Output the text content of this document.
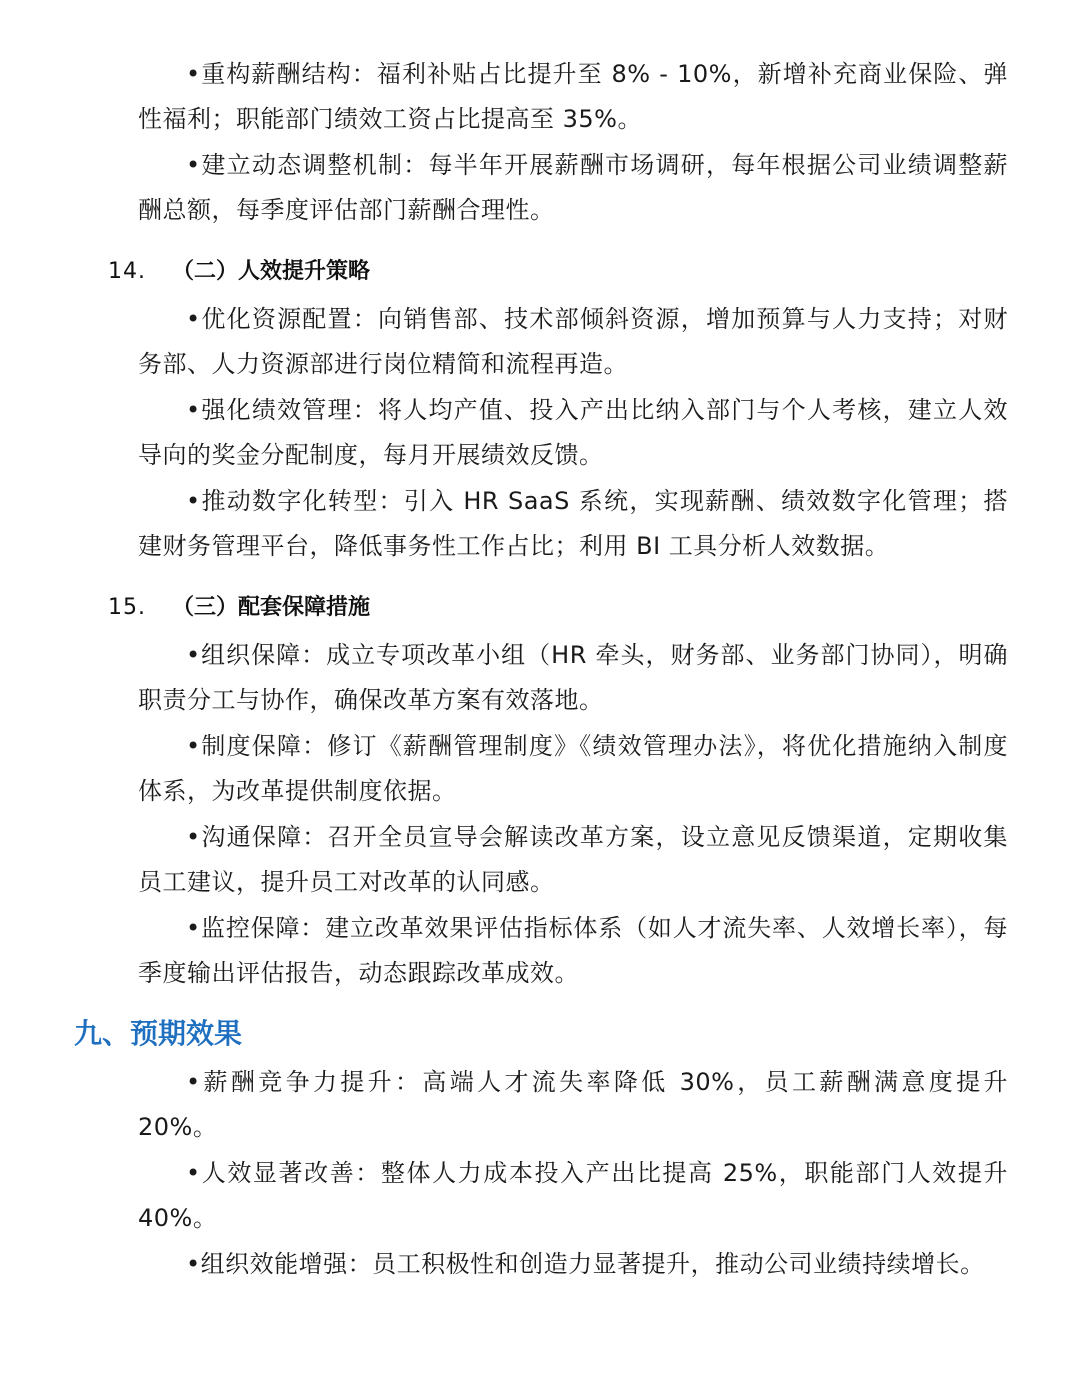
•重构薪酬结构：福利补贴占比提升至 8% - 10%，新增补充商业保险、弹性福利；职能部门绩效工资占比提高至 35%。

•建立动态调整机制：每半年开展薪酬市场调研，每年根据公司业绩调整薪酬总额，每季度评估部门薪酬合理性。

14. （二）人效提升策略

•优化资源配置：向销售部、技术部倾斜资源，增加预算与人力支持；对财务部、人力资源部进行岗位精简和流程再造。

•强化绩效管理：将人均产值、投入产出比纳入部门与个人考核，建立人效导向的奖金分配制度，每月开展绩效反馈。

•推动数字化转型：引入 HR SaaS 系统，实现薪酬、绩效数字化管理；搭建财务管理平台，降低事务性工作占比；利用 BI 工具分析人效数据。

15. （三）配套保障措施

•组织保障：成立专项改革小组（HR 牵头，财务部、业务部门协同），明确职责分工与协作，确保改革方案有效落地。

•制度保障：修订《薪酬管理制度》《绩效管理办法》，将优化措施纳入制度体系，为改革提供制度依据。

•沟通保障：召开全员宣导会解读改革方案，设立意见反馈渠道，定期收集员工建议，提升员工对改革的认同感。

•监控保障：建立改革效果评估指标体系（如人才流失率、人效增长率），每季度输出评估报告，动态跟踪改革成效。

九、预期效果

•薪酬竞争力提升：高端人才流失率降低 30%，员工薪酬满意度提升 20%。

•人效显著改善：整体人力成本投入产出比提高 25%，职能部门人效提升 40%。

•组织效能增强：员工积极性和创造力显著提升，推动公司业绩持续增长。
